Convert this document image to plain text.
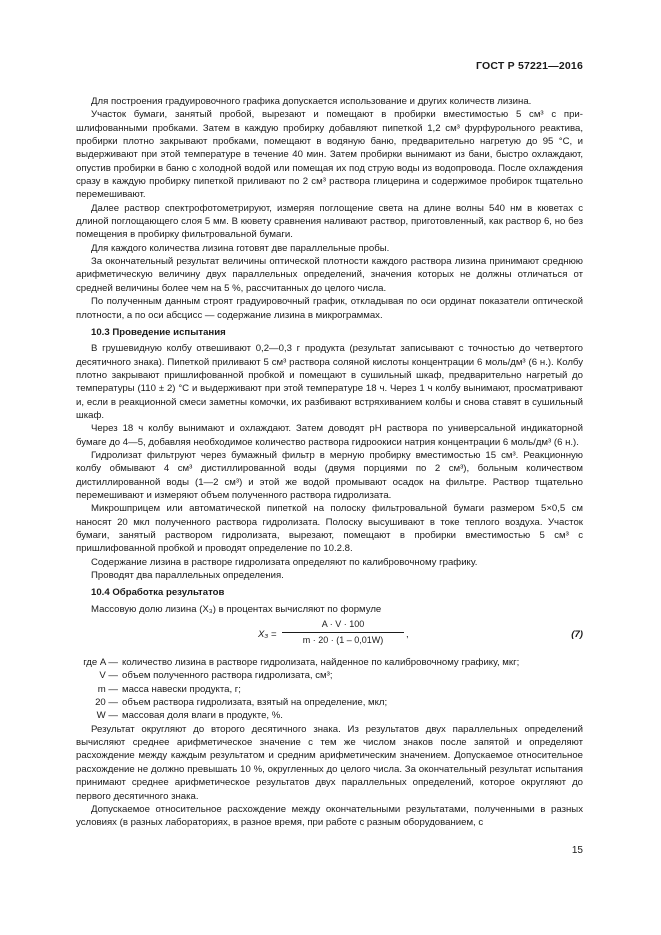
ГОСТ Р 57221—2016

Для построения градуировочного графика допускается использование и других количеств лизина.

Участок бумаги, занятый пробой, вырезают и помещают в пробирки вместимостью 5 см³ с пришлифованными пробками. Затем в каждую пробирку добавляют пипеткой 1,2 см³ фурфурольного реактива, пробирки плотно закрывают пробками, помещают в водяную баню, предварительно нагретую до 95 °С, и выдерживают при этой температуре в течение 40 мин. Затем пробирки вынимают из бани, быстро охлаждают, опустив пробирки в баню с холодной водой или помещая их под струю воды из водопровода. После охлаждения сразу в каждую пробирку пипеткой приливают по 2 см³ раствора глицерина и содержимое пробирок тщательно перемешивают.

Далее раствор спектрофотометрируют, измеряя поглощение света на длине волны 540 нм в кюветах с длиной поглощающего слоя 5 мм. В кювету сравнения наливают раствор, приготовленный, как раствор 6, но без помещения в пробирку фильтровальной бумаги.

Для каждого количества лизина готовят две параллельные пробы.

За окончательный результат величины оптической плотности каждого раствора лизина принимают среднюю арифметическую величину двух параллельных определений, значения которых не должны отличаться от средней величины более чем на 5 %, рассчитанных до целого числа.

По полученным данным строят градуировочный график, откладывая по оси ординат показатели оптической плотности, а по оси абсцисс — содержание лизина в микрограммах.

10.3 Проведение испытания

В грушевидную колбу отвешивают 0,2—0,3 г продукта (результат записывают с точностью до четвертого десятичного знака). Пипеткой приливают 5 см³ раствора соляной кислоты концентрации 6 моль/дм³ (6 н.). Колбу плотно закрывают пришлифованной пробкой и помещают в сушильный шкаф, предварительно нагретый до температуры (110 ± 2) °С и выдерживают при этой температуре 18 ч. Через 1 ч колбу вынимают, просматривают и, если в реакционной смеси заметны комочки, их разбивают встряхиванием колбы и снова ставят в сушильный шкаф.

Через 18 ч колбу вынимают и охлаждают. Затем доводят рН раствора по универсальной индикаторной бумаге до 4—5, добавляя необходимое количество раствора гидроокиси натрия концентрации 6 моль/дм³ (6 н.).

Гидролизат фильтруют через бумажный фильтр в мерную пробирку вместимостью 15 см³. Реакционную колбу обмывают 4 см³ дистиллированной воды (двумя порциями по 2 см³), больным количеством дистиллированной воды (1—2 см³) и этой же водой промывают осадок на фильтре. Раствор тщательно перемешивают и измеряют объем полученного раствора гидролизата.

Микрошприцем или автоматической пипеткой на полоску фильтровальной бумаги размером 5×0,5 см наносят 20 мкл полученного раствора гидролизата. Полоску высушивают в токе теплого воздуха. Участок бумаги, занятый раствором гидролизата, вырезают, помещают в пробирки вместимостью 5 см³ с пришлифованной пробкой и проводят определение по 10.2.8.

Содержание лизина в растворе гидролизата определяют по калибровочному графику.

Проводят два параллельных определения.

10.4 Обработка результатов

Массовую долю лизина (X₃) в процентах вычисляют по формуле

$X_3 = \frac{A \cdot V \cdot 100}{m \cdot 20 \cdot (1 - 0,01W)}$ ,	(7)
где A — количество лизина в растворе гидролизата, найденное по калибровочному графику, мкг;
V — объем полученного раствора гидролизата, см³;
m — масса навески продукта, г;
20 — объем раствора гидролизата, взятый на определение, мкл;
W — массовая доля влаги в продукте, %.

Результат округляют до второго десятичного знака. Из результатов двух параллельных определений вычисляют среднее арифметическое значение с тем же числом знаков после запятой и определяют расхождение между каждым результатом и средним арифметическим значением. Допускаемое относительное расхождение не должно превышать 10 %, округленных до целого числа. За окончательный результат испытания принимают среднее арифметическое результатов двух параллельных определений, которое округляют до первого десятичного знака.

Допускаемое относительное расхождение между окончательными результатами, полученными в разных условиях (в разных лабораториях, в разное время, при работе с разным оборудованием, с

15
